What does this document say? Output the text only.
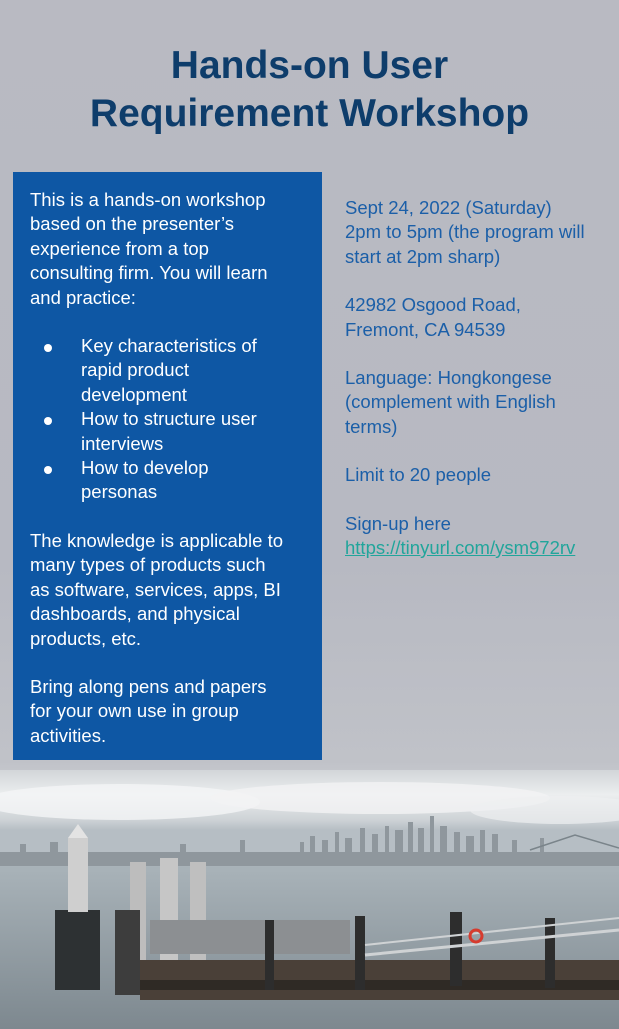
Hands-on User
Requirement Workshop

This is a hands-on workshop
based on the presenter’s
experience from a top
consulting firm. You will learn
and practice:

Key characteristics of
rapid product
development
How to structure user
interviews
How to develop
personas

The knowledge is applicable to
many types of products such
as software, services, apps, BI
dashboards, and physical
products, etc.

Bring along pens and papers
for your own use in group
activities.

Sept 24, 2022 (Saturday)
2pm to 5pm (the program will
start at 2pm sharp)
42982 Osgood Road,
Fremont, CA 94539
Language: Hongkongese
(complement with English
terms)
Limit to 20 people
Sign-up here
https://tinyurl.com/ysm972rv
